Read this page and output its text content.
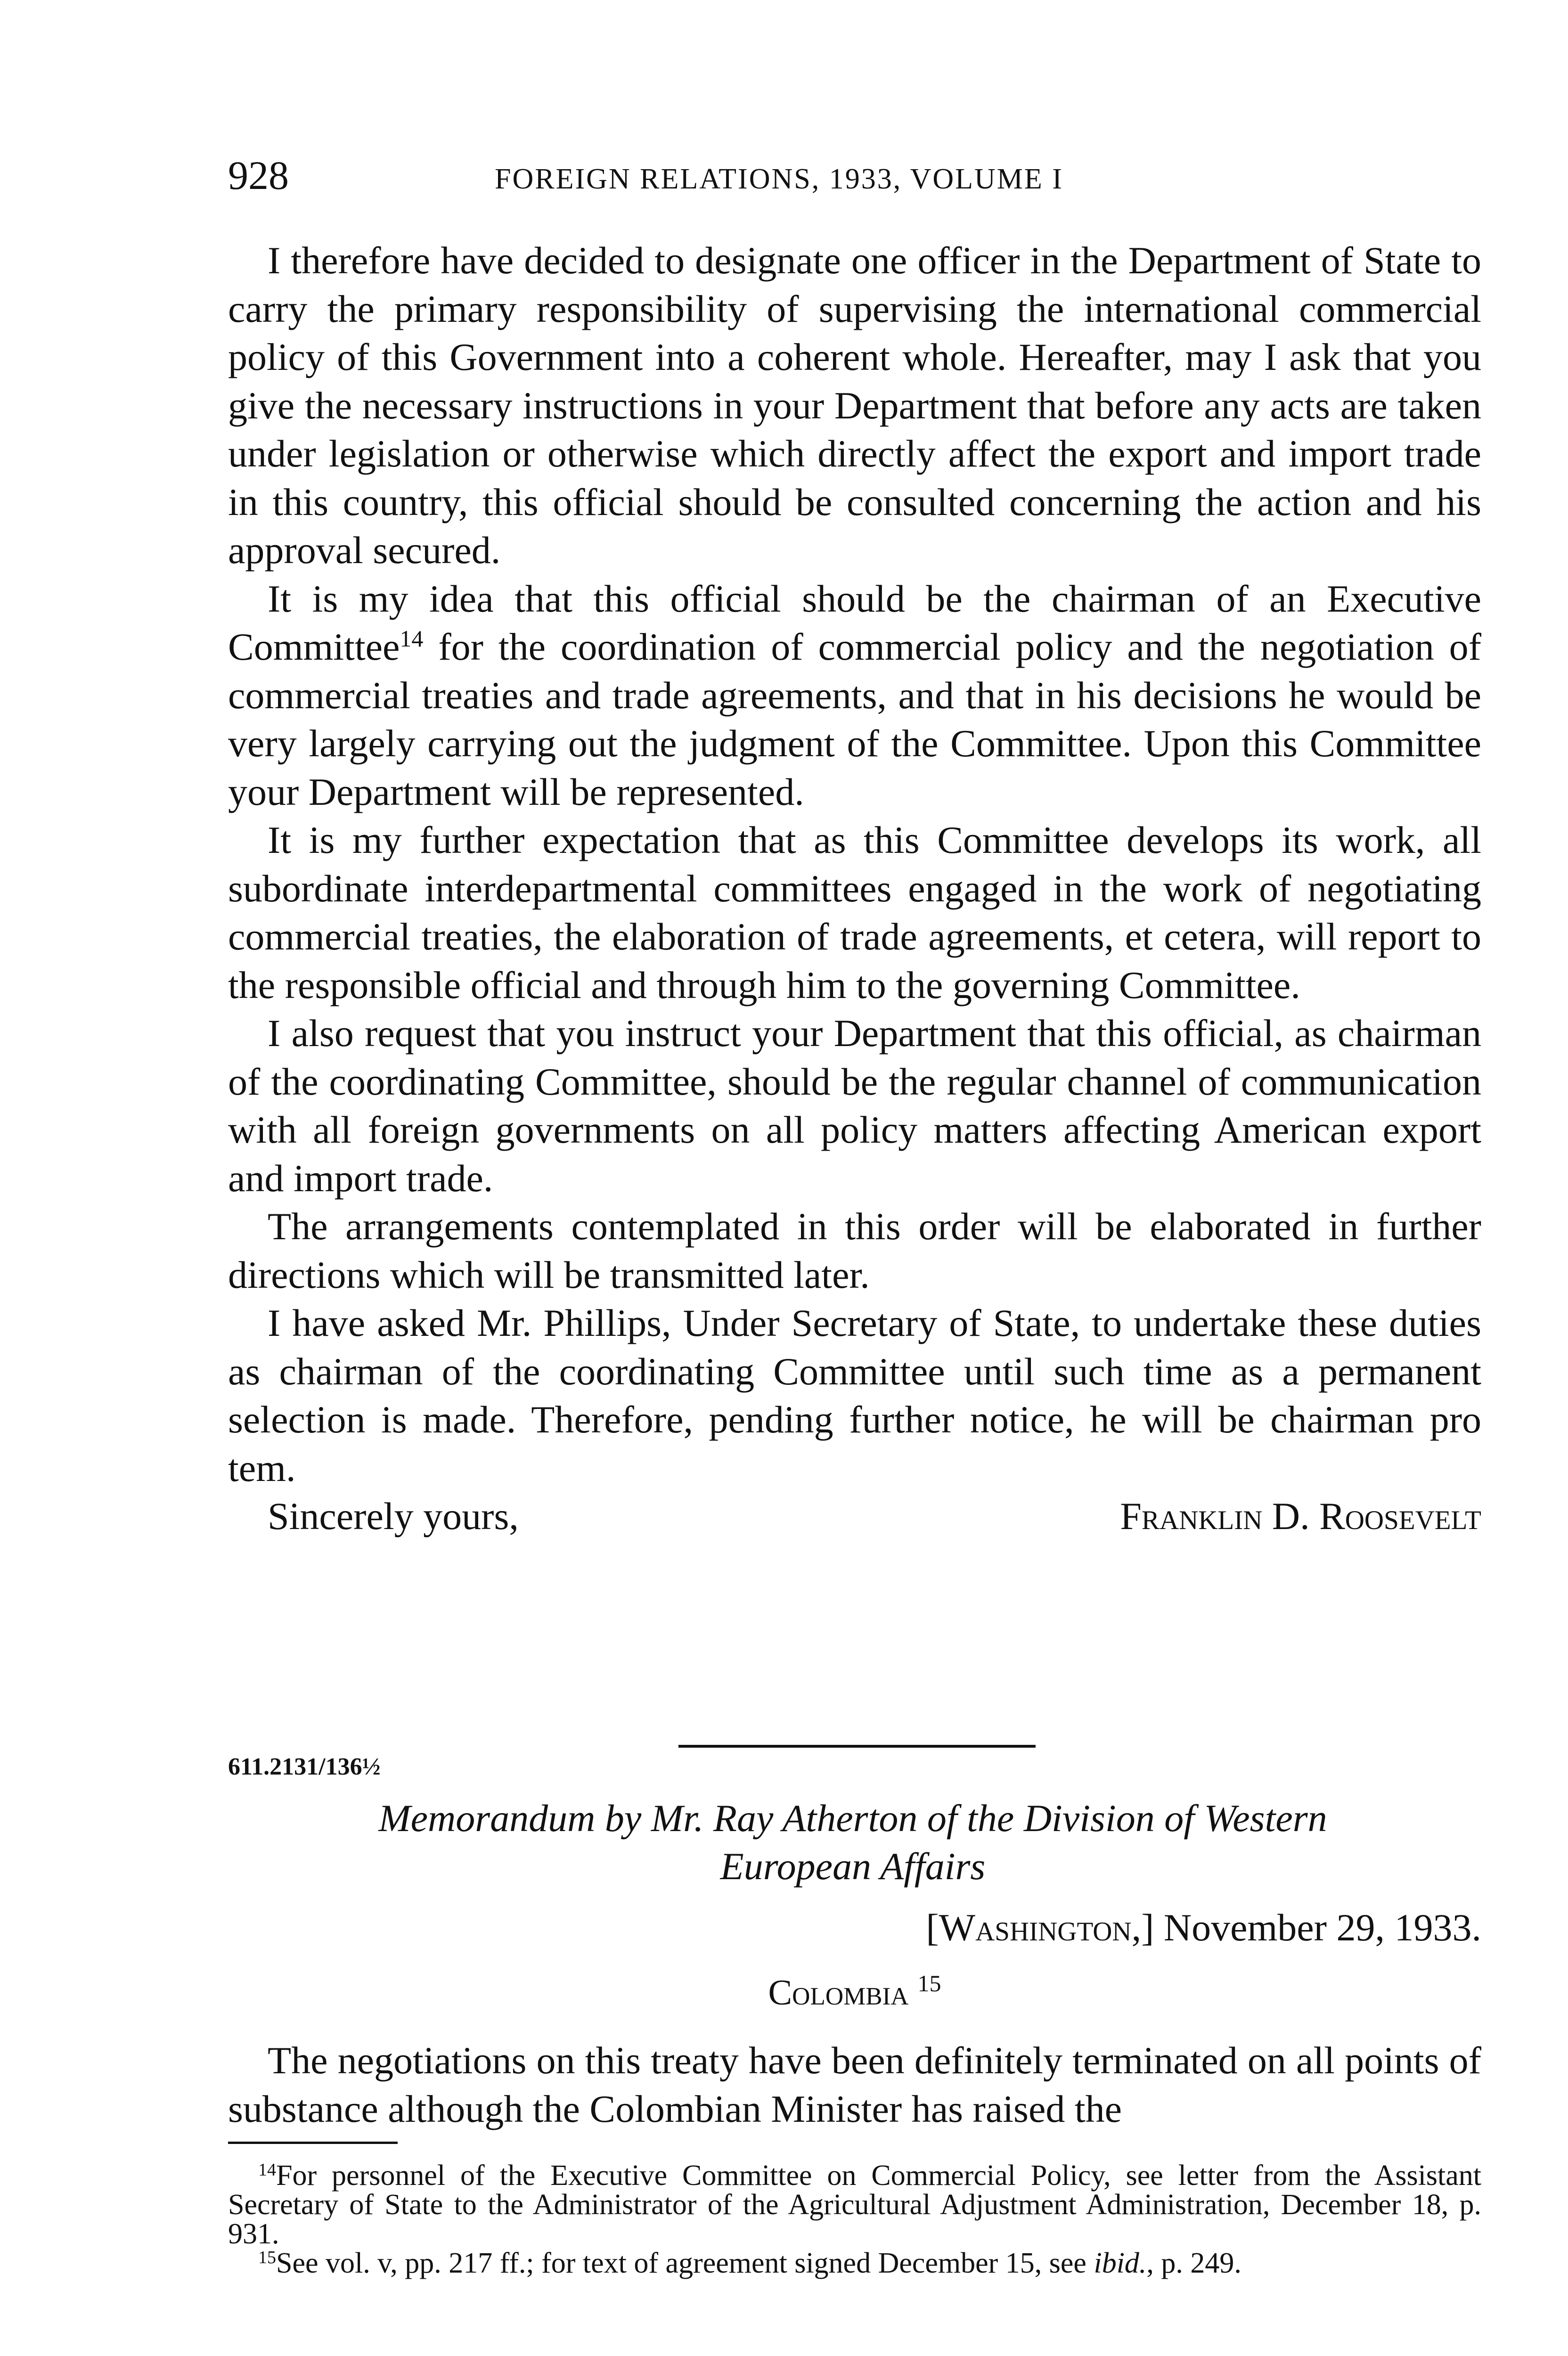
928	FOREIGN RELATIONS, 1933, VOLUME I

I therefore have decided to designate one officer in the Department of State to carry the primary responsibility of supervising the international commercial policy of this Government into a coherent whole. Hereafter, may I ask that you give the necessary instructions in your Department that before any acts are taken under legislation or otherwise which directly affect the export and import trade in this country, this official should be consulted concerning the action and his approval secured.

It is my idea that this official should be the chairman of an Executive Committee$^{14}$ for the coordination of commercial policy and the negotiation of commercial treaties and trade agreements, and that in his decisions he would be very largely carrying out the judgment of the Committee. Upon this Committee your Department will be represented.

It is my further expectation that as this Committee develops its work, all subordinate interdepartmental committees engaged in the work of negotiating commercial treaties, the elaboration of trade agreements, et cetera, will report to the responsible official and through him to the governing Committee.

I also request that you instruct your Department that this official, as chairman of the coordinating Committee, should be the regular channel of communication with all foreign governments on all policy matters affecting American export and import trade.

The arrangements contemplated in this order will be elaborated in further directions which will be transmitted later.

I have asked Mr. Phillips, Under Secretary of State, to undertake these duties as chairman of the coordinating Committee until such time as a permanent selection is made. Therefore, pending further notice, he will be chairman pro tem.

Sincerely yours,	Franklin D. Roosevelt
611.2131/136½
Memorandum by Mr. Ray Atherton of the Division of Western
European Affairs
[Washington,] November 29, 1933.
Colombia $^{15}$

The negotiations on this treaty have been definitely terminated on all points of substance although the Colombian Minister has raised the

$^{14}$For personnel of the Executive Committee on Commercial Policy, see letter from the Assistant Secretary of State to the Administrator of the Agricultural Adjustment Administration, December 18, p. 931.

$^{15}$See vol. v, pp. 217 ff.; for text of agreement signed December 15, see ibid., p. 249.
